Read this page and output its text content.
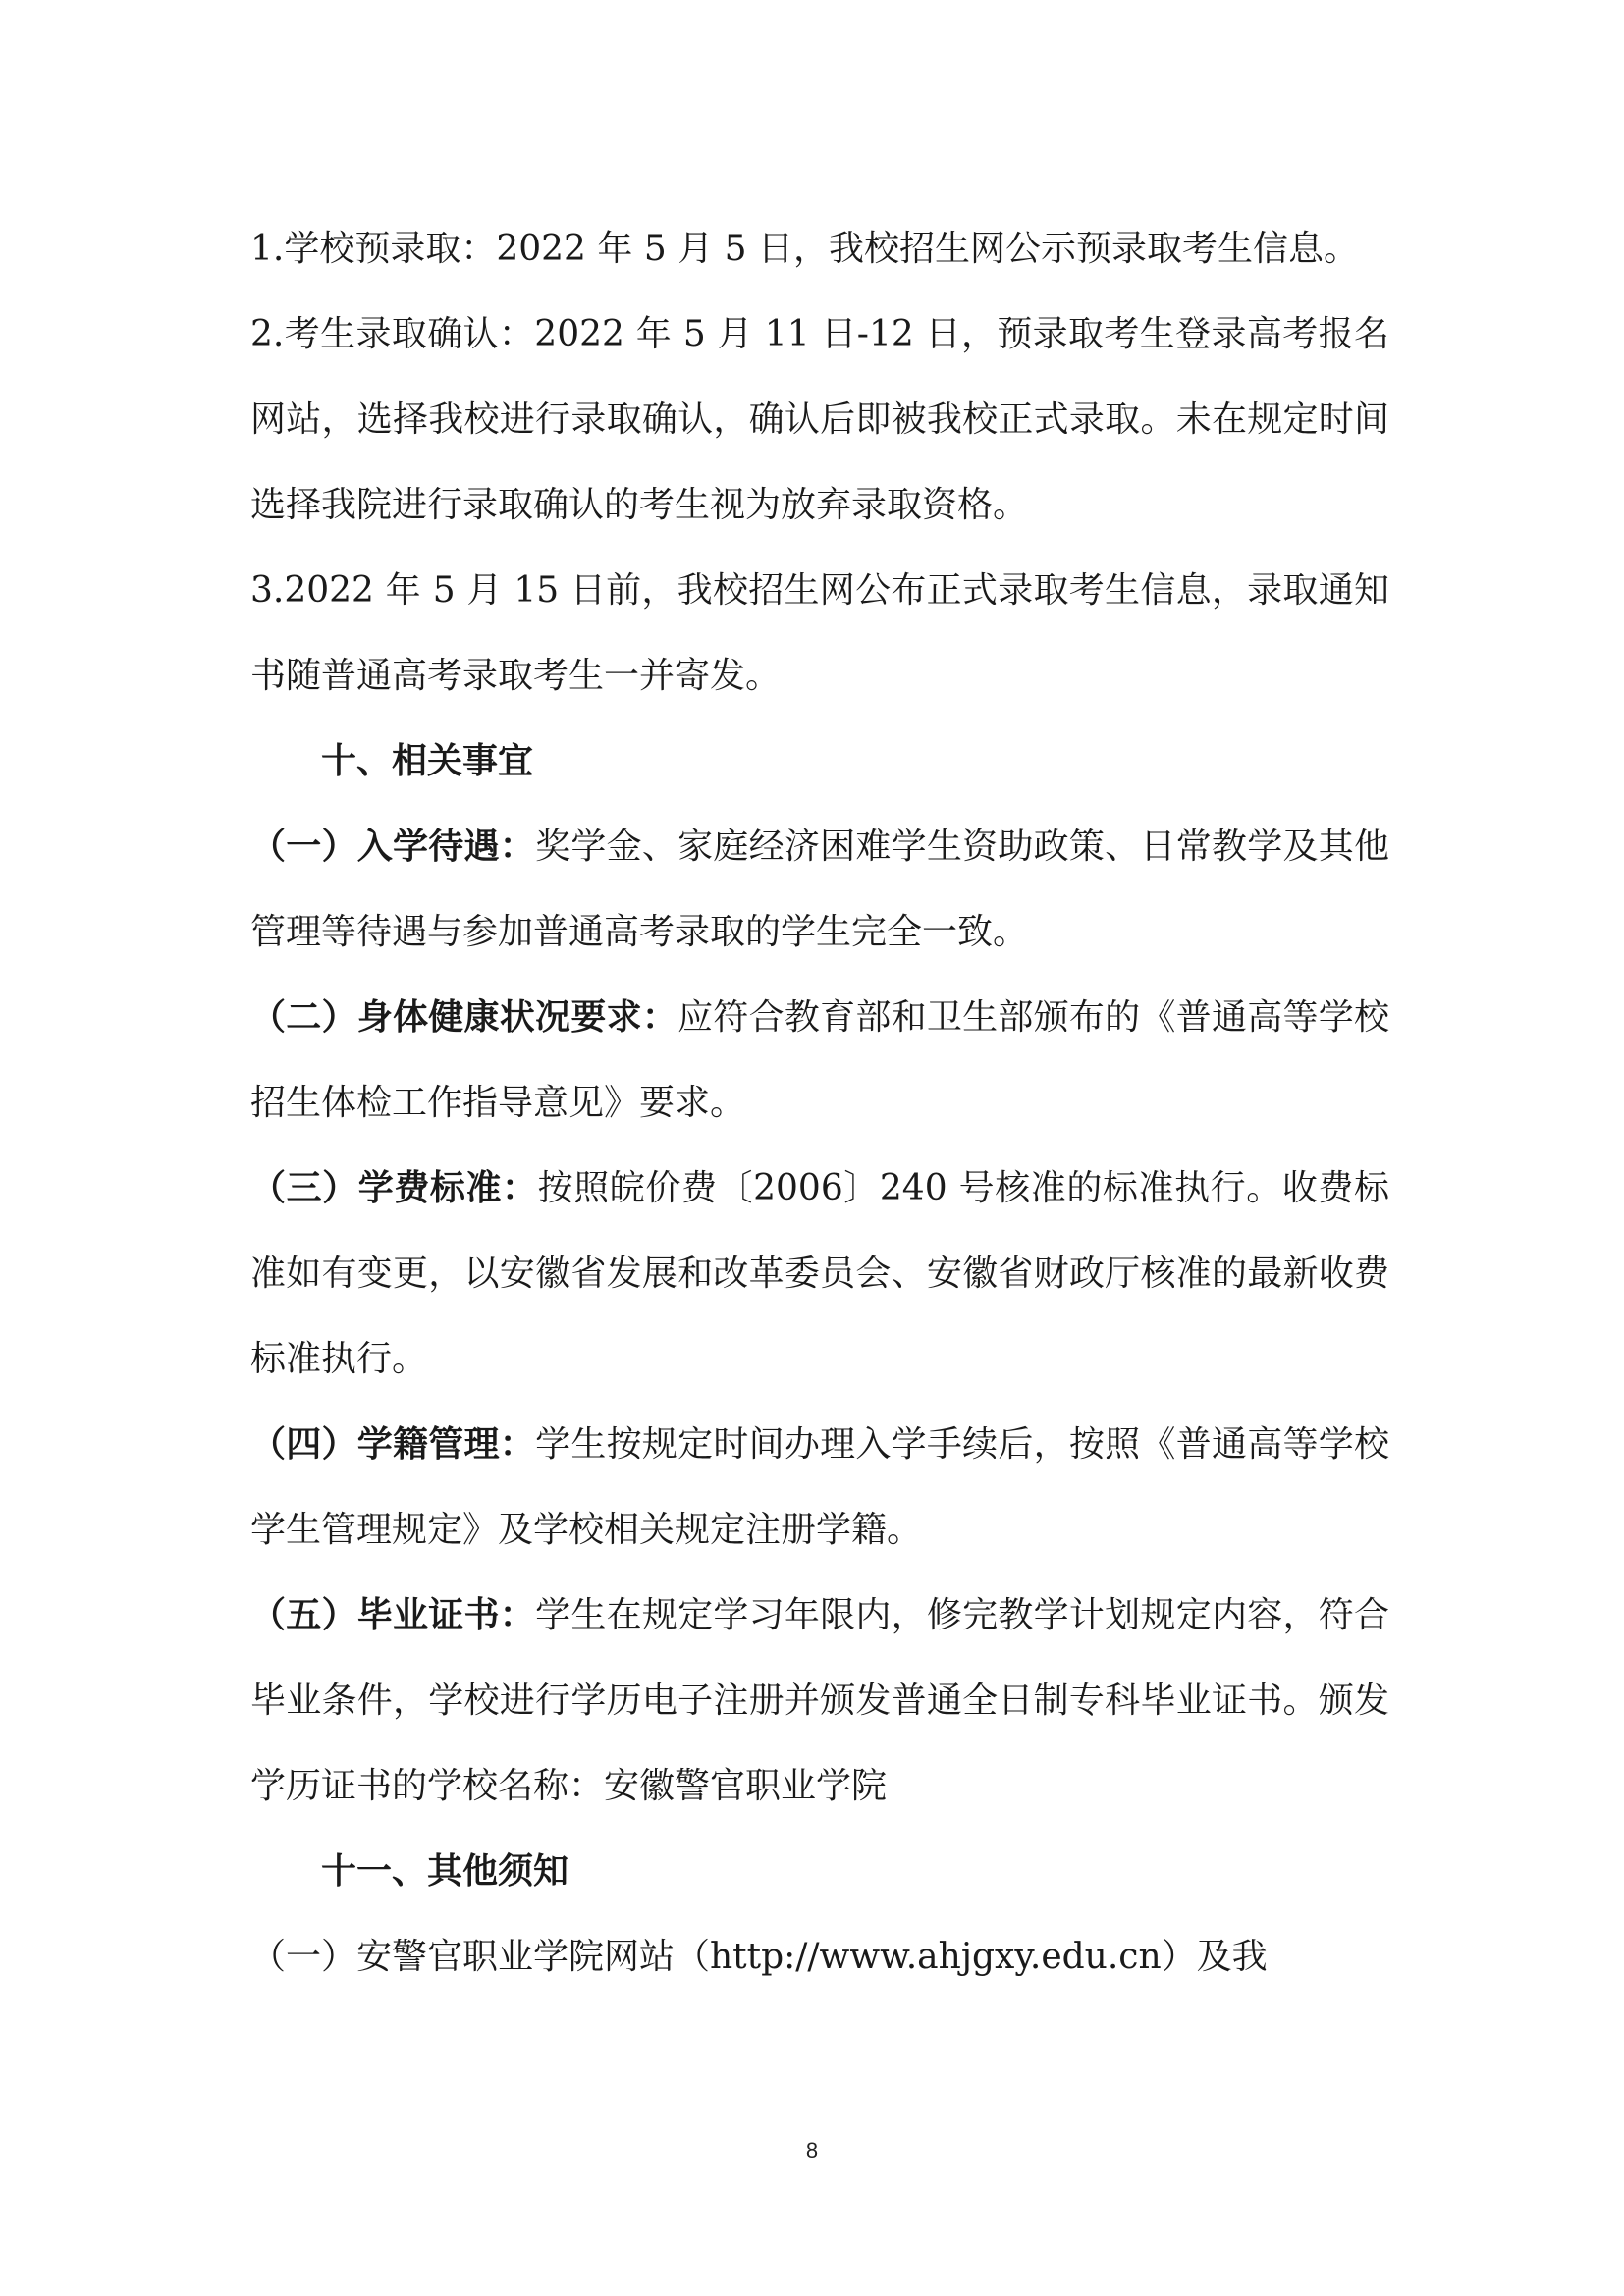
1.学校预录取：2022 年 5 月 5 日，我校招生网公示预录取考生信息。

2.考生录取确认：2022 年 5 月 11 日-12 日，预录取考生登录高考报名网站，选择我校进行录取确认，确认后即被我校正式录取。未在规定时间选择我院进行录取确认的考生视为放弃录取资格。

3.2022 年 5 月 15 日前，我校招生网公布正式录取考生信息，录取通知书随普通高考录取考生一并寄发。

十、相关事宜

（一）入学待遇：奖学金、家庭经济困难学生资助政策、日常教学及其他管理等待遇与参加普通高考录取的学生完全一致。

（二）身体健康状况要求：应符合教育部和卫生部颁布的《普通高等学校招生体检工作指导意见》要求。

（三）学费标准：按照皖价费〔2006〕240 号核准的标准执行。收费标准如有变更，以安徽省发展和改革委员会、安徽省财政厅核准的最新收费标准执行。

（四）学籍管理：学生按规定时间办理入学手续后，按照《普通高等学校学生管理规定》及学校相关规定注册学籍。

（五）毕业证书：学生在规定学习年限内，修完教学计划规定内容，符合毕业条件，学校进行学历电子注册并颁发普通全日制专科毕业证书。颁发学历证书的学校名称：安徽警官职业学院

十一、其他须知

（一）安警官职业学院网站（http://www.ahjgxy.edu.cn）及我

8
